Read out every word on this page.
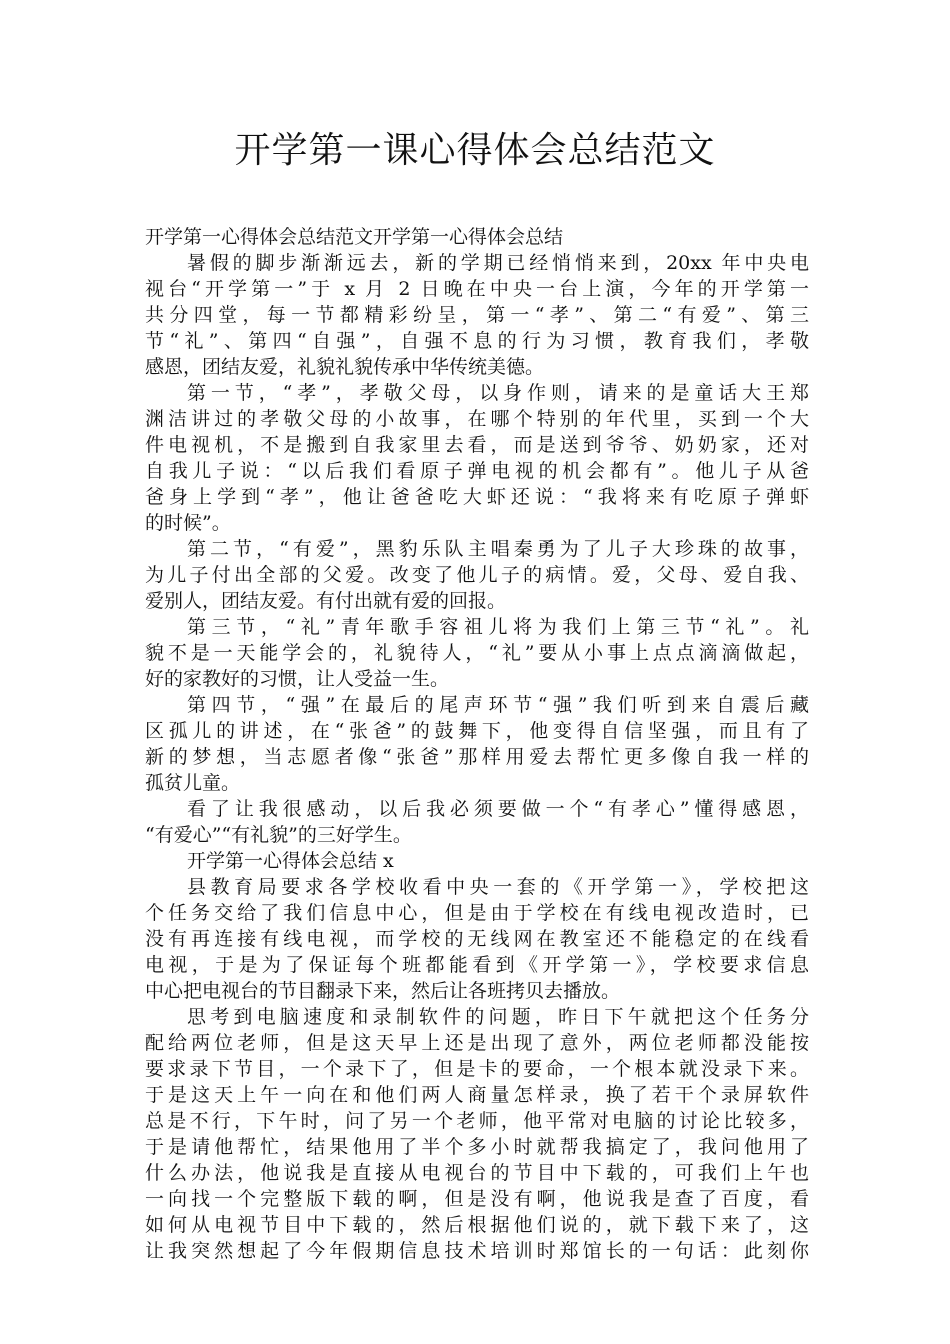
开学第一课心得体会总结范文
开学第一心得体会总结范文开学第一心得体会总结
暑假的脚步渐渐远去，新的学期已经悄悄来到，20xx 年中央电
视台“开学第一”于 x 月 2 日晚在中央一台上演，今年的开学第一
共分四堂，每一节都精彩纷呈，第一“孝”、第二“有爱”、第三
节“礼”、第四“自强”，自强不息的行为习惯，教育我们，孝敬
感恩，团结友爱，礼貌礼貌传承中华传统美德。
第一节，“孝”，孝敬父母，以身作则，请来的是童话大王郑
渊洁讲过的孝敬父母的小故事，在哪个特别的年代里，买到一个大
件电视机，不是搬到自我家里去看，而是送到爷爷、奶奶家，还对
自我儿子说：“以后我们看原子弹电视的机会都有”。他儿子从爸
爸身上学到“孝”，他让爸爸吃大虾还说：“我将来有吃原子弹虾
的时候”。
第二节，“有爱”，黑豹乐队主唱秦勇为了儿子大珍珠的故事，
为儿子付出全部的父爱。改变了他儿子的病情。爱，父母、爱自我、
爱别人，团结友爱。有付出就有爱的回报。
第三节，“礼”青年歌手容祖儿将为我们上第三节“礼”。礼
貌不是一天能学会的，礼貌待人，“礼”要从小事上点点滴滴做起，
好的家教好的习惯，让人受益一生。
第四节，“强”在最后的尾声环节“强”我们听到来自震后藏
区孤儿的讲述，在“张爸”的鼓舞下，他变得自信坚强，而且有了
新的梦想，当志愿者像“张爸”那样用爱去帮忙更多像自我一样的
孤贫儿童。
看了让我很感动，以后我必须要做一个“有孝心”懂得感恩，
“有爱心”“有礼貌”的三好学生。
开学第一心得体会总结 x
县教育局要求各学校收看中央一套的《开学第一》，学校把这
个任务交给了我们信息中心，但是由于学校在有线电视改造时，已
没有再连接有线电视，而学校的无线网在教室还不能稳定的在线看
电视，于是为了保证每个班都能看到《开学第一》，学校要求信息
中心把电视台的节目翻录下来，然后让各班拷贝去播放。
思考到电脑速度和录制软件的问题，昨日下午就把这个任务分
配给两位老师，但是这天早上还是出现了意外，两位老师都没能按
要求录下节目，一个录下了，但是卡的要命，一个根本就没录下来。
于是这天上午一向在和他们两人商量怎样录，换了若干个录屏软件
总是不行，下午时，问了另一个老师，他平常对电脑的讨论比较多，
于是请他帮忙，结果他用了半个多小时就帮我搞定了，我问他用了
什么办法，他说我是直接从电视台的节目中下载的，可我们上午也
一向找一个完整版下载的啊，但是没有啊，他说我是查了百度，看
如何从电视节目中下载的，然后根据他们说的，就下载下来了，这
让我突然想起了今年假期信息技术培训时郑馆长的一句话：此刻你
